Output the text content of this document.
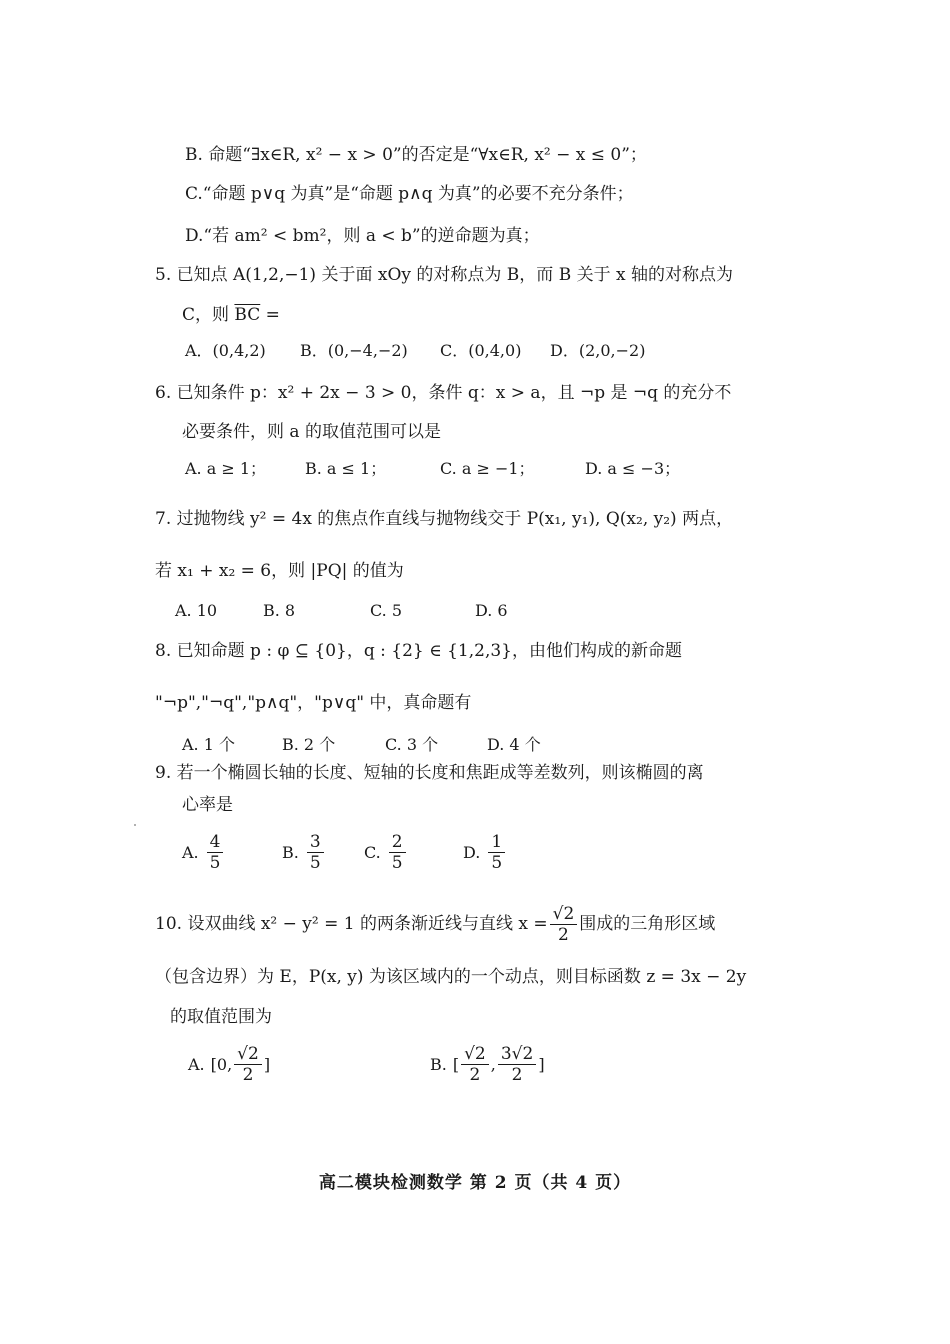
B. 命题“∃x∈R, x² − x > 0”的否定是“∀x∈R, x² − x ≤ 0”；
C.“命题 p∨q 为真”是“命题 p∧q 为真”的必要不充分条件；
D.“若 am² < bm²，则 a < b”的逆命题为真；
5. 已知点 A(1,2,−1) 关于面 xOy 的对称点为 B，而 B 关于 x 轴的对称点为
C，则 $\overline{BC}$ =
A．(0,4,2) B．(0,−4,−2) C．(0,4,0) D．(2,0,−2)
6. 已知条件 p：x² + 2x − 3 > 0，条件 q：x > a，且 ¬p 是 ¬q 的充分不
必要条件，则 a 的取值范围可以是
A. a ≥ 1； B. a ≤ 1；	C. a ≥ −1；	D. a ≤ −3；
7. 过抛物线 y² = 4x 的焦点作直线与抛物线交于 P(x₁, y₁), Q(x₂, y₂) 两点，
若 x₁ + x₂ = 6，则 |PQ| 的值为
A. 10	B. 8	C. 5	D. 6
8. 已知命题 p : φ ⊆ {0}，q : {2} ∈ {1,2,3}，由他们构成的新命题
"¬p","¬q","p∧q"，"p∨q" 中，真命题有
A. 1 个	B. 2 个	C. 3 个	D. 4 个
9. 若一个椭圆长轴的长度、短轴的长度和焦距成等差数列，则该椭圆的离
心率是
A. $\frac{4}{5}$	B. $\frac{3}{5}$	C. $\frac{2}{5}$	D. $\frac{1}{5}$
10. 设双曲线 x² − y² = 1 的两条渐近线与直线 $x = \frac{√2}{2}$ 围成的三角形区域
（包含边界）为 E，P(x, y) 为该区域内的一个动点，则目标函数 z = 3x − 2y
的取值范围为
A. [0, $\frac{√2}{2}$ ]	B. [ $\frac{√2}{2}$ , $\frac{3√2}{2}$ ]
高二模块检测数学 第 2 页（共 4 页）
